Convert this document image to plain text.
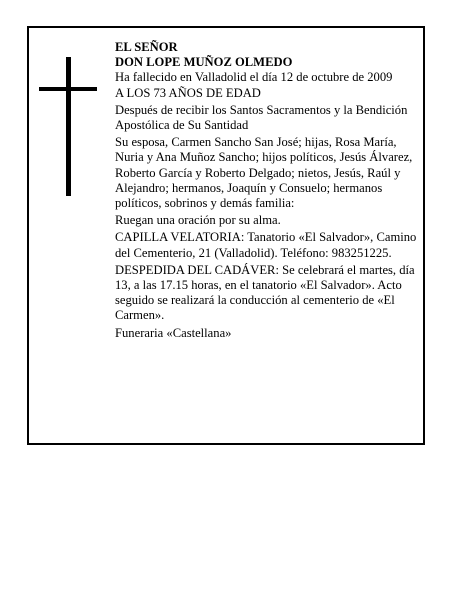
EL SEÑOR

DON LOPE MUÑOZ OLMEDO

Ha fallecido en Valladolid el día 12 de octubre de 2009

A LOS 73 AÑOS DE EDAD

Después de recibir los Santos Sacramentos y la Bendición Apostólica de Su Santidad

Su esposa, Carmen Sancho San José; hijas, Rosa María, Nuria y Ana Muñoz Sancho; hijos políticos, Jesús Álvarez, Roberto García y Roberto Delgado; nietos, Jesús, Raúl y Alejandro; hermanos, Joaquín y Consuelo; hermanos políticos, sobrinos y demás familia:

Ruegan una oración por su alma.

CAPILLA VELATORIA: Tanatorio «El Salvador», Camino del Cementerio, 21 (Valladolid). Teléfono: 983251225.

DESPEDIDA DEL CADÁVER: Se celebrará el martes, día 13, a las 17.15 horas, en el tanatorio «El Salvador». Acto seguido se realizará la conducción al cementerio de «El Carmen».

Funeraria «Castellana»
